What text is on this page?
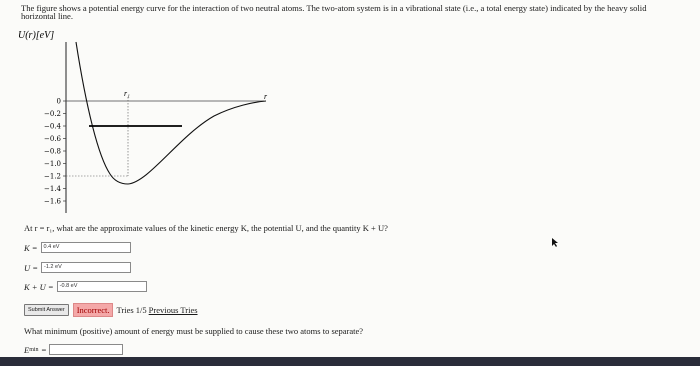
The figure shows a potential energy curve for the interaction of two neutral atoms. The two-atom system is in a vibrational state (i.e., a total energy state) indicated by the heavy solid horizontal line.
U(r)[eV]
r
0
−0.2
−0.4
−0.6
−0.8
−1.0
−1.2
−1.4
−1.6
r₁
At r = r₁, what are the approximate values of the kinetic energy K, the potential U, and the quantity K + U?
K =	0.4 eV
U =	-1.2 eV
K + U =	-0.8 eV
Submit Answer	Incorrect. Tries 1/5 Previous Tries
What minimum (positive) amount of energy must be supplied to cause these two atoms to separate?
E min =
